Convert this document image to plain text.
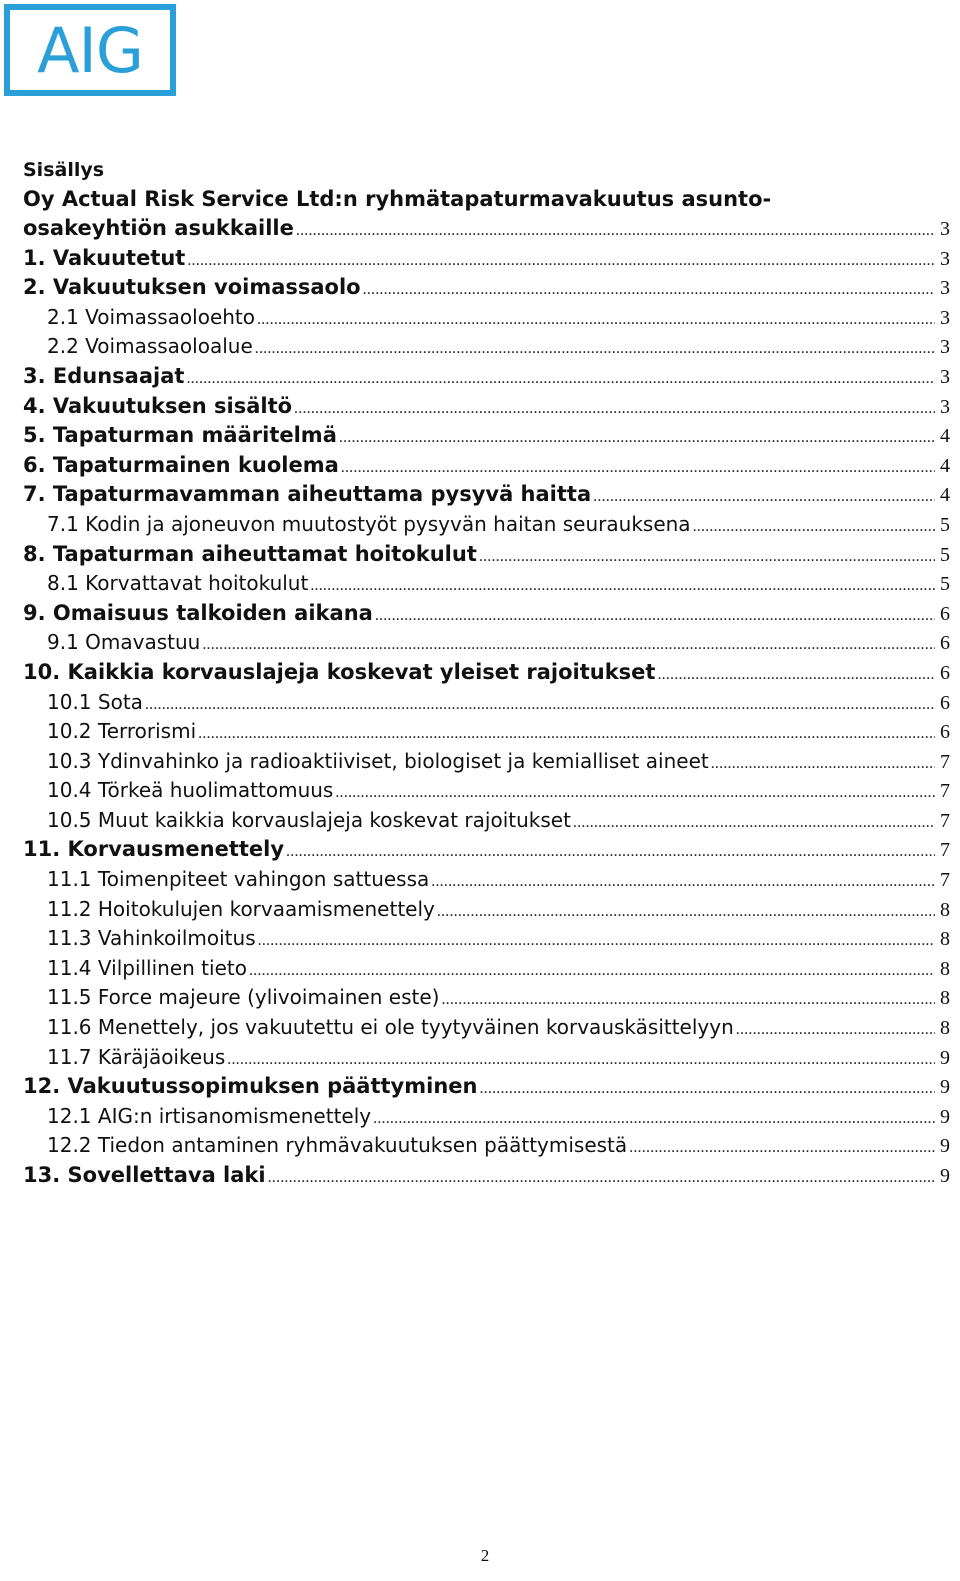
AIG
Sisällys
Oy Actual Risk Service Ltd:n ryhmätapaturmavakuutus asunto-
osakeyhtiön asukkaille .....	3
1. Vakuutetut .....	3
2. Vakuutuksen voimassaolo .....	3
2.1 Voimassaoloehto .....	3
2.2 Voimassaoloalue .....	3
3. Edunsaajat .....	3
4. Vakuutuksen sisältö .....	3
5. Tapaturman määritelmä .....	4
6. Tapaturmainen kuolema .....	4
7. Tapaturmavamman aiheuttama pysyvä haitta .....	4
7.1 Kodin ja ajoneuvon muutostyöt pysyvän haitan seurauksena .....	5
8. Tapaturman aiheuttamat hoitokulut .....	5
8.1 Korvattavat hoitokulut .....	5
9. Omaisuus talkoiden aikana .....	6
9.1 Omavastuu .....	6
10. Kaikkia korvauslajeja koskevat yleiset rajoitukset .....	6
10.1 Sota .....	6
10.2 Terrorismi .....	6
10.3 Ydinvahinko ja radioaktiiviset, biologiset ja kemialliset aineet .....	7
10.4 Törkeä huolimattomuus .....	7
10.5 Muut kaikkia korvauslajeja koskevat rajoitukset .....	7
11. Korvausmenettely .....	7
11.1 Toimenpiteet vahingon sattuessa .....	7
11.2 Hoitokulujen korvaamismenettely .....	8
11.3 Vahinkoilmoitus .....	8
11.4 Vilpillinen tieto .....	8
11.5 Force majeure (ylivoimainen este) .....	8
11.6 Menettely, jos vakuutettu ei ole tyytyväinen korvauskäsittelyyn .....	8
11.7 Käräjäoikeus .....	9
12. Vakuutussopimuksen päättyminen .....	9
12.1 AIG:n irtisanomismenettely .....	9
12.2 Tiedon antaminen ryhmävakuutuksen päättymisestä .....	9
13. Sovellettava laki .....	9
2
